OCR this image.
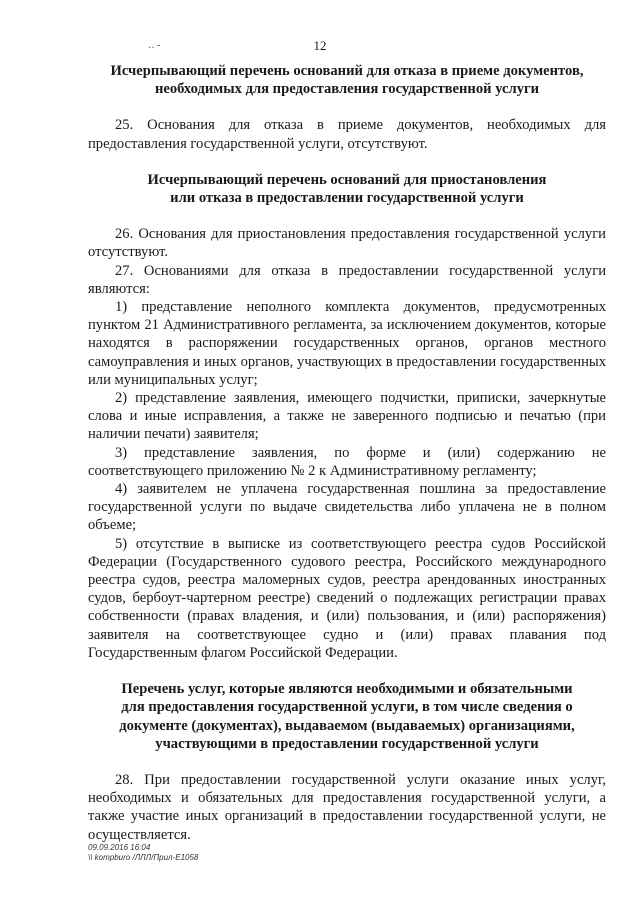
‥ -	12
Исчерпывающий перечень оснований для отказа в приеме документов,
необходимых для предоставления государственной услуги

25. Основания для отказа в приеме документов, необходимых для предоставления государственной услуги, отсутствуют.

Исчерпывающий перечень оснований для приостановления
или отказа в предоставлении государственной услуги

26. Основания для приостановления предоставления государственной услуги отсутствуют.

27. Основаниями для отказа в предоставлении государственной услуги являются:

1) представление неполного комплекта документов, предусмотренных пунктом 21 Административного регламента, за исключением документов, которые находятся в распоряжении государственных органов, органов местного самоуправления и иных органов, участвующих в предоставлении государственных или муниципальных услуг;

2) представление заявления, имеющего подчистки, приписки, зачеркнутые слова и иные исправления, а также не заверенного подписью и печатью (при наличии печати) заявителя;

3) представление заявления, по форме и (или) содержанию не соответствующего приложению № 2 к Административному регламенту;

4) заявителем не уплачена государственная пошлина за предоставление государственной услуги по выдаче свидетельства либо уплачена не в полном объеме;

5) отсутствие в выписке из соответствующего реестра судов Российской Федерации (Государственного судового реестра, Российского международного реестра судов, реестра маломерных судов, реестра арендованных иностранных судов, бербоут-чартерном реестре) сведений о подлежащих регистрации правах собственности (правах владения, и (или) пользования, и (или) распоряжения) заявителя на соответствующее судно и (или) правах плавания под Государственным флагом Российской Федерации.

Перечень услуг, которые являются необходимыми и обязательными
для предоставления государственной услуги, в том числе сведения о
документе (документах), выдаваемом (выдаваемых) организациями,
участвующими в предоставлении государственной услуги

28. При предоставлении государственной услуги оказание иных услуг, необходимых и обязательных для предоставления государственной услуги, а также участие иных организаций в предоставлении государственной услуги, не осуществляется.

09.09.2016 16:04
\\ kompburo /ЛЛЛ/Прил-Е1058
